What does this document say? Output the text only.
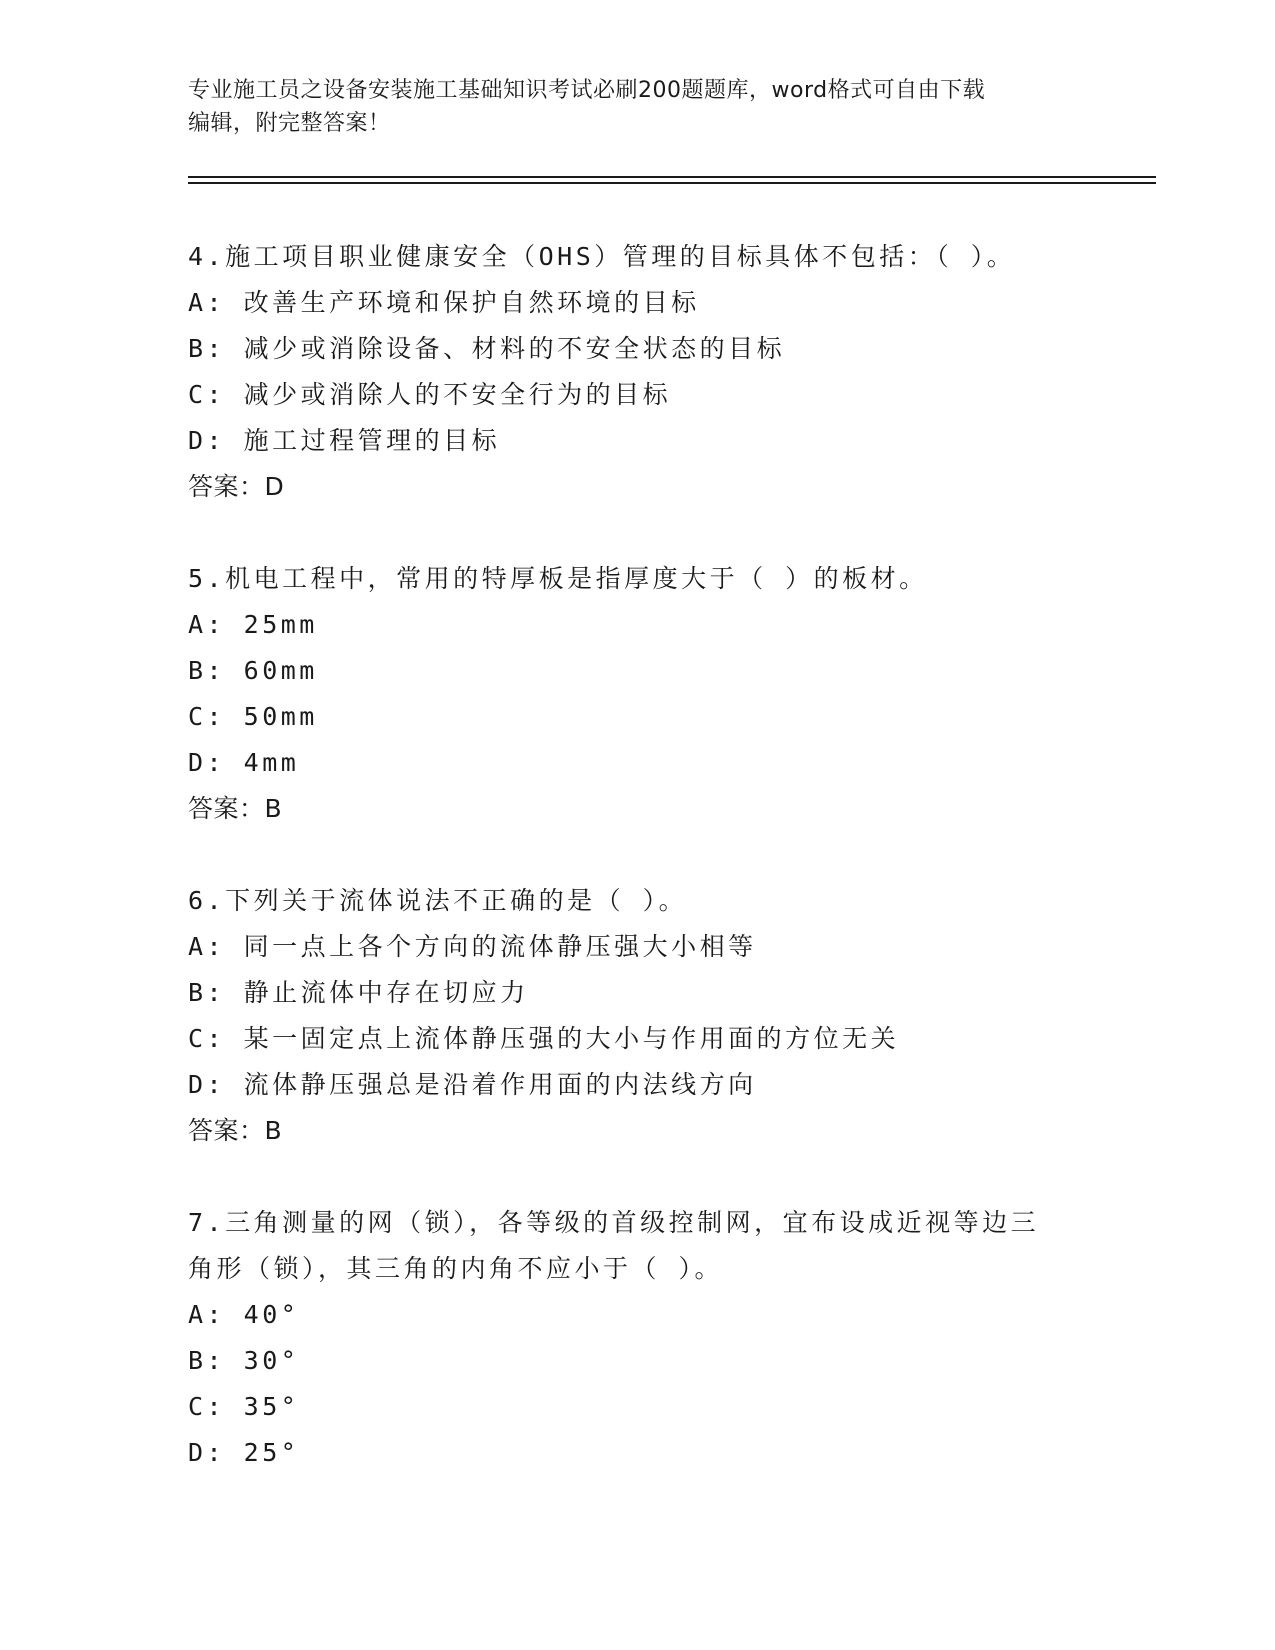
专业施工员之设备安装施工基础知识考试必刷200题题库，word格式可自由下载
编辑，附完整答案！
4.施工项目职业健康安全（OHS）管理的目标具体不包括：（ ）。
A: 改善生产环境和保护自然环境的目标
B: 减少或消除设备、材料的不安全状态的目标
C: 减少或消除人的不安全行为的目标
D: 施工过程管理的目标
答案：D
5.机电工程中，常用的特厚板是指厚度大于（ ）的板材。
A: 25mm
B: 60mm
C: 50mm
D: 4mm
答案：B
6.下列关于流体说法不正确的是（ ）。
A: 同一点上各个方向的流体静压强大小相等
B: 静止流体中存在切应力
C: 某一固定点上流体静压强的大小与作用面的方位无关
D: 流体静压强总是沿着作用面的内法线方向
答案：B
7.三角测量的网（锁），各等级的首级控制网，宜布设成近视等边三
角形（锁），其三角的内角不应小于（ ）。
A: 40°
B: 30°
C: 35°
D: 25°
